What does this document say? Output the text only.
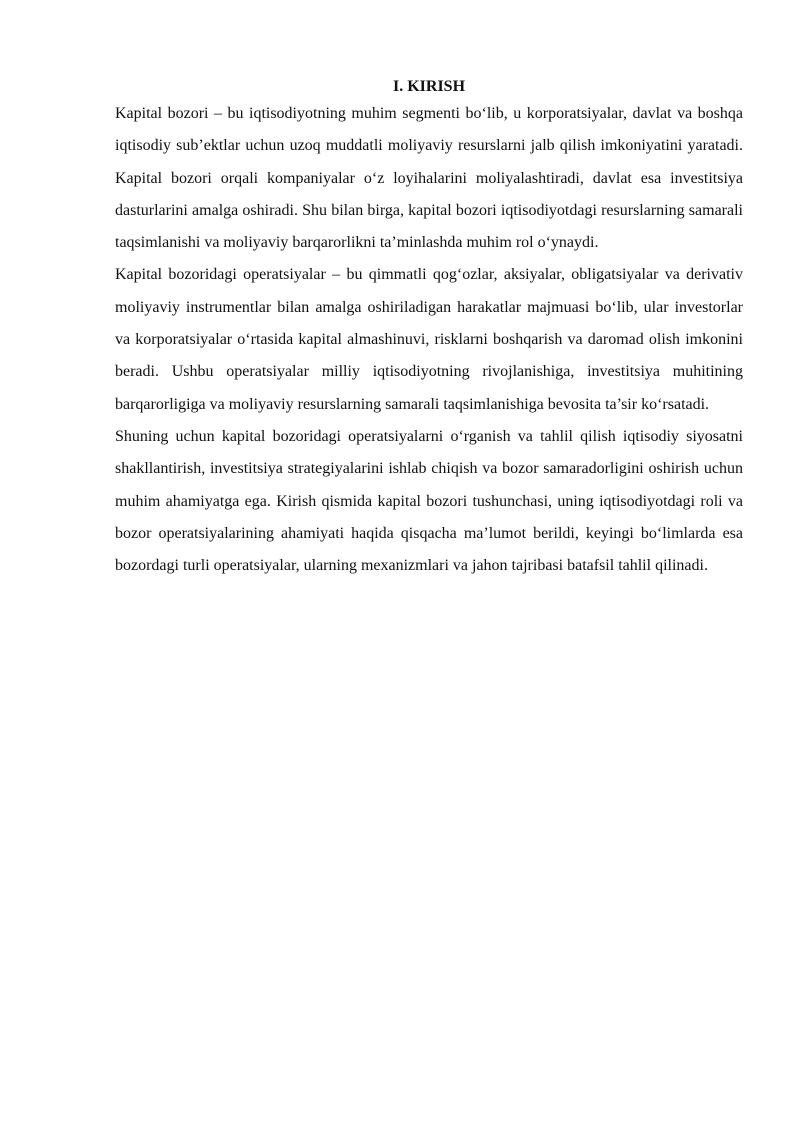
I. KIRISH

Kapital bozori – bu iqtisodiyotning muhim segmenti bo‘lib, u korporatsiyalar, davlat va boshqa iqtisodiy sub’ektlar uchun uzoq muddatli moliyaviy resurslarni jalb qilish imkoniyatini yaratadi. Kapital bozori orqali kompaniyalar o‘z loyihalarini moliyalashtiradi, davlat esa investitsiya dasturlarini amalga oshiradi. Shu bilan birga, kapital bozori iqtisodiyotdagi resurslarning samarali taqsimlanishi va moliyaviy barqarorlikni ta’minlashda muhim rol o‘ynaydi.

Kapital bozoridagi operatsiyalar – bu qimmatli qog‘ozlar, aksiyalar, obligatsiyalar va derivativ moliyaviy instrumentlar bilan amalga oshiriladigan harakatlar majmuasi bo‘lib, ular investorlar va korporatsiyalar o‘rtasida kapital almashinuvi, risklarni boshqarish va daromad olish imkonini beradi. Ushbu operatsiyalar milliy iqtisodiyotning rivojlanishiga, investitsiya muhitining barqarorligiga va moliyaviy resurslarning samarali taqsimlanishiga bevosita ta’sir ko‘rsatadi.

Shuning uchun kapital bozoridagi operatsiyalarni o‘rganish va tahlil qilish iqtisodiy siyosatni shakllantirish, investitsiya strategiyalarini ishlab chiqish va bozor samaradorligini oshirish uchun muhim ahamiyatga ega. Kirish qismida kapital bozori tushunchasi, uning iqtisodiyotdagi roli va bozor operatsiyalarining ahamiyati haqida qisqacha ma’lumot berildi, keyingi bo‘limlarda esa bozordagi turli operatsiyalar, ularning mexanizmlari va jahon tajribasi batafsil tahlil qilinadi.
